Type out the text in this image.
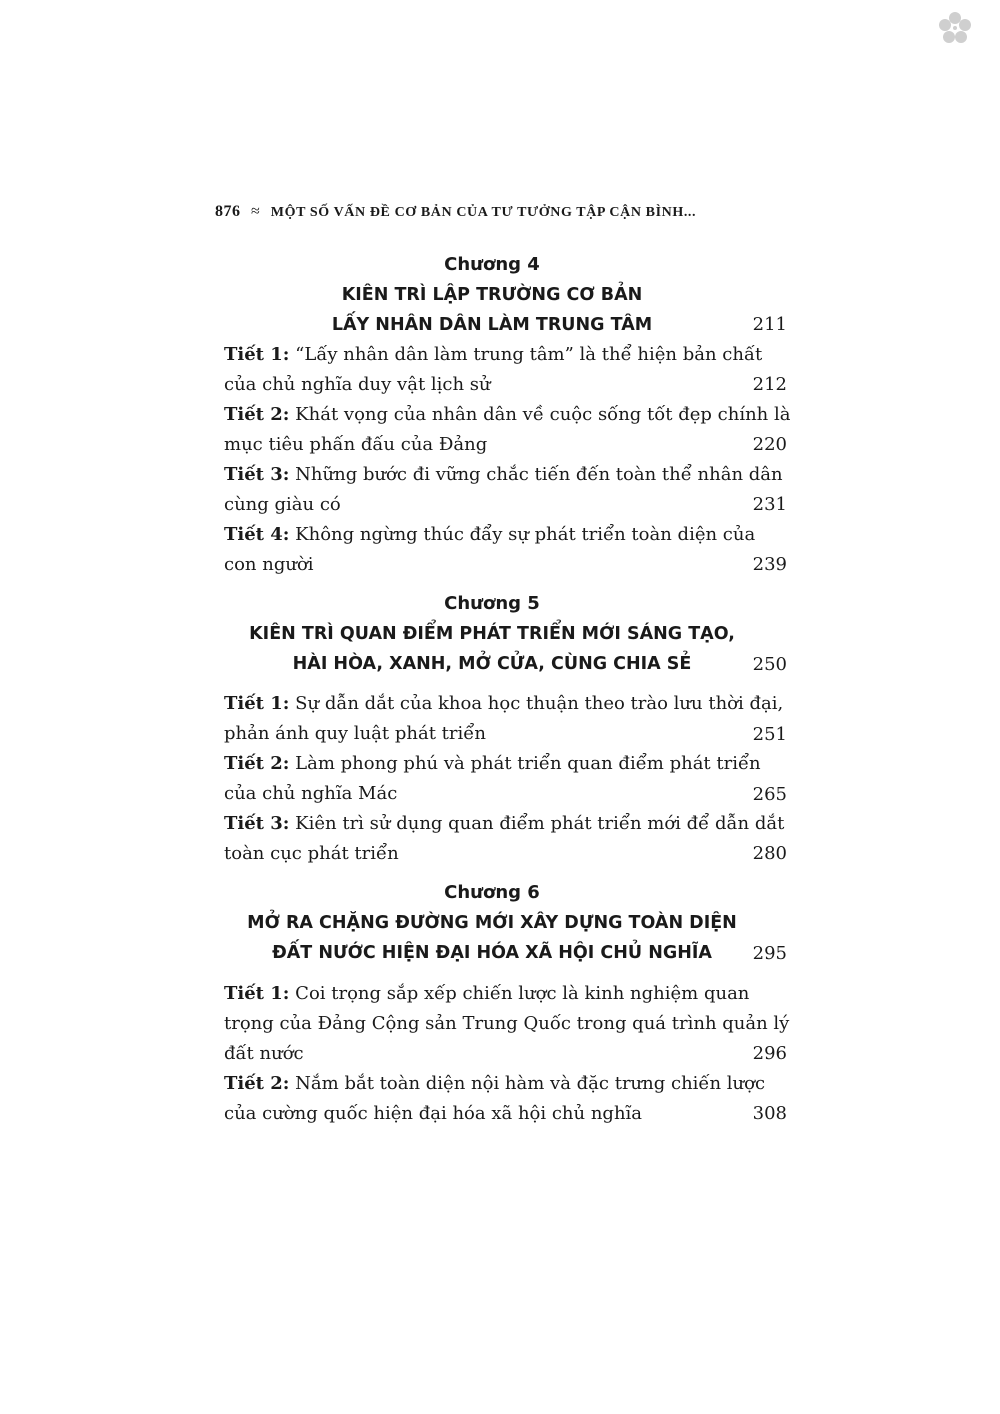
876 ≈ MỘT SỐ VẤN ĐỀ CƠ BẢN CỦA TƯ TƯỞNG TẬP CẬN BÌNH...
Chương 4
KIÊN TRÌ LẬP TRƯỜNG CƠ BẢN
LẤY NHÂN DÂN LÀM TRUNG TÂM	211
Tiết 1: “Lấy nhân dân làm trung tâm” là thể hiện bản chất
của chủ nghĩa duy vật lịch sử	212
Tiết 2: Khát vọng của nhân dân về cuộc sống tốt đẹp chính là
mục tiêu phấn đấu của Đảng	220
Tiết 3: Những bước đi vững chắc tiến đến toàn thể nhân dân
cùng giàu có	231
Tiết 4: Không ngừng thúc đẩy sự phát triển toàn diện của
con người	239
Chương 5
KIÊN TRÌ QUAN ĐIỂM PHÁT TRIỂN MỚI SÁNG TẠO,
HÀI HÒA, XANH, MỞ CỬA, CÙNG CHIA SẺ	250
Tiết 1: Sự dẫn dắt của khoa học thuận theo trào lưu thời đại,
phản ánh quy luật phát triển	251
Tiết 2: Làm phong phú và phát triển quan điểm phát triển
của chủ nghĩa Mác	265
Tiết 3: Kiên trì sử dụng quan điểm phát triển mới để dẫn dắt
toàn cục phát triển	280
Chương 6
MỞ RA CHẶNG ĐƯỜNG MỚI XÂY DỰNG TOÀN DIỆN
ĐẤT NƯỚC HIỆN ĐẠI HÓA XÃ HỘI CHỦ NGHĨA	295
Tiết 1: Coi trọng sắp xếp chiến lược là kinh nghiệm quan
trọng của Đảng Cộng sản Trung Quốc trong quá trình quản lý
đất nước	296
Tiết 2: Nắm bắt toàn diện nội hàm và đặc trưng chiến lược
của cường quốc hiện đại hóa xã hội chủ nghĩa	308
